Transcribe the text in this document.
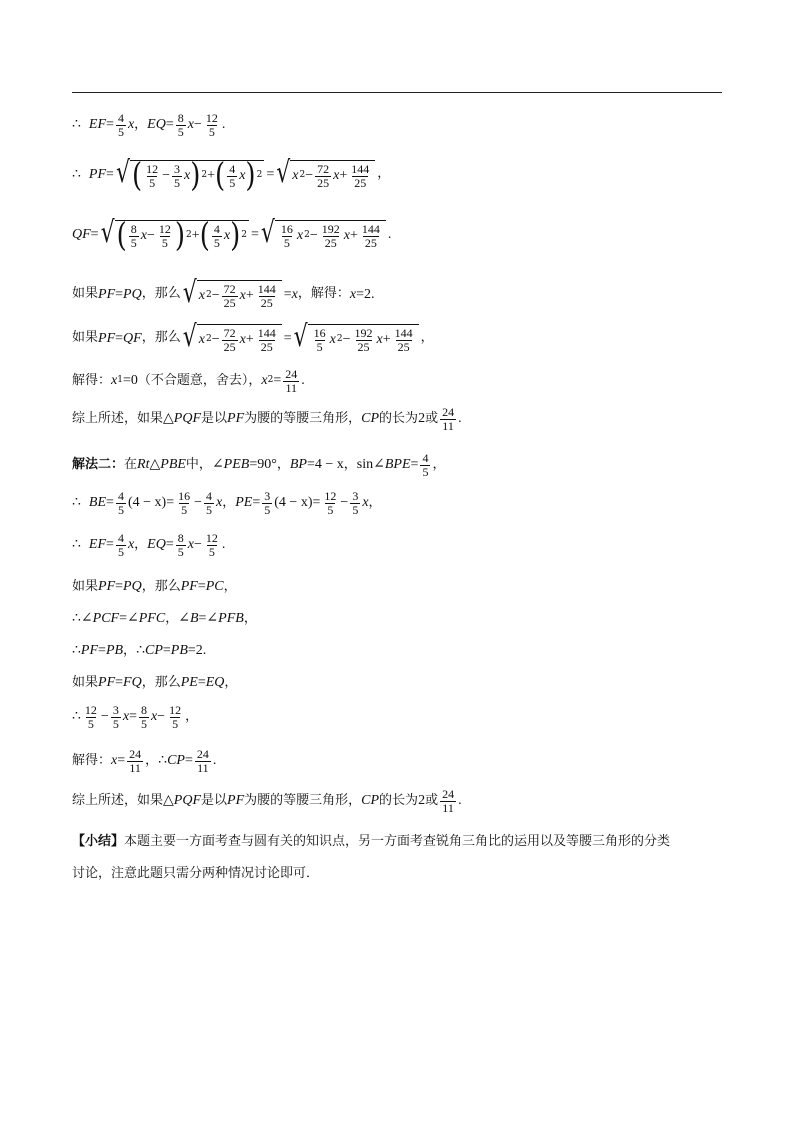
∴ EF = $\frac{4}{5}$ x ， EQ = $\frac{8}{5}$ $x - \frac{12}{5}$ .
∴ PF = √ ( $\frac{12}{5} - \frac{3}{5}$ x ) 2 + ( $\frac{4}{5}$ x ) 2 = √ x $2 - \frac{72}{25}$ $x + \frac{144}{25}$ ，
QF = √ ( $\frac{8}{5}$ $x - \frac{12}{5}$ ) 2 + ( $\frac{4}{5}$ x ) 2 = √ $\frac{16}{5}$ x $2 - \frac{192}{25}$ $x + \frac{144}{25}$ .
如果 PF = PQ ，那么 √ x $2 - \frac{72}{25}$ $x + \frac{144}{25} = x$ ，解得： x = 2 .
如果 PF = QF ，那么 √ x $2 - \frac{72}{25}$ $x + \frac{144}{25}$ = √ $\frac{16}{5}$ x $2 - \frac{192}{25}$ $x + \frac{144}{25}$ ，
解得： x 1 = 0 （不合题意，舍去）， x $2 = \frac{24}{11}$ .
综上所述，如果 △ PQF 是以 PF 为腰的等腰三角形， CP 的长为 2 或 $\frac{24}{11}$ .
解法二： 在 Rt △ PBE 中， ∠ PEB = 90° ， BP = 4 − x ， sin ∠ BPE = $\frac{4}{5}$ ，
∴ BE = $\frac{4}{5}$ ( 4 − x ) = $\frac{16}{5} - \frac{4}{5}$ x ， PE = $\frac{3}{5}$ ( 4 − x ) = $\frac{12}{5} - \frac{3}{5}$ x ，
∴ EF = $\frac{4}{5}$ x ， EQ = $\frac{8}{5}$ $x - \frac{12}{5}$ .
如果 PF = PQ ，那么 PF = PC ，
∴ ∠ PCF = ∠ PFC ， ∠ B = ∠ PFB ，
∴ PF = PB ， ∴ CP = PB = 2 .
如果 PF = FQ ，那么 PE = EQ ，
∴ $\frac{12}{5} - \frac{3}{5}$ $x = \frac{8}{5}$ $x - \frac{12}{5}$ ，
解得： $x = \frac{24}{11}$ ， ∴ CP = $\frac{24}{11}$ .
综上所述，如果 △ PQF 是以 PF 为腰的等腰三角形， CP 的长为 2 或 $\frac{24}{11}$ .
【小结】 本题主要一方面考查与圆有关的知识点，另一方面考查锐角三角比的运用以及等腰三角形的分类
讨论，注意此题只需分两种情况讨论即可．
